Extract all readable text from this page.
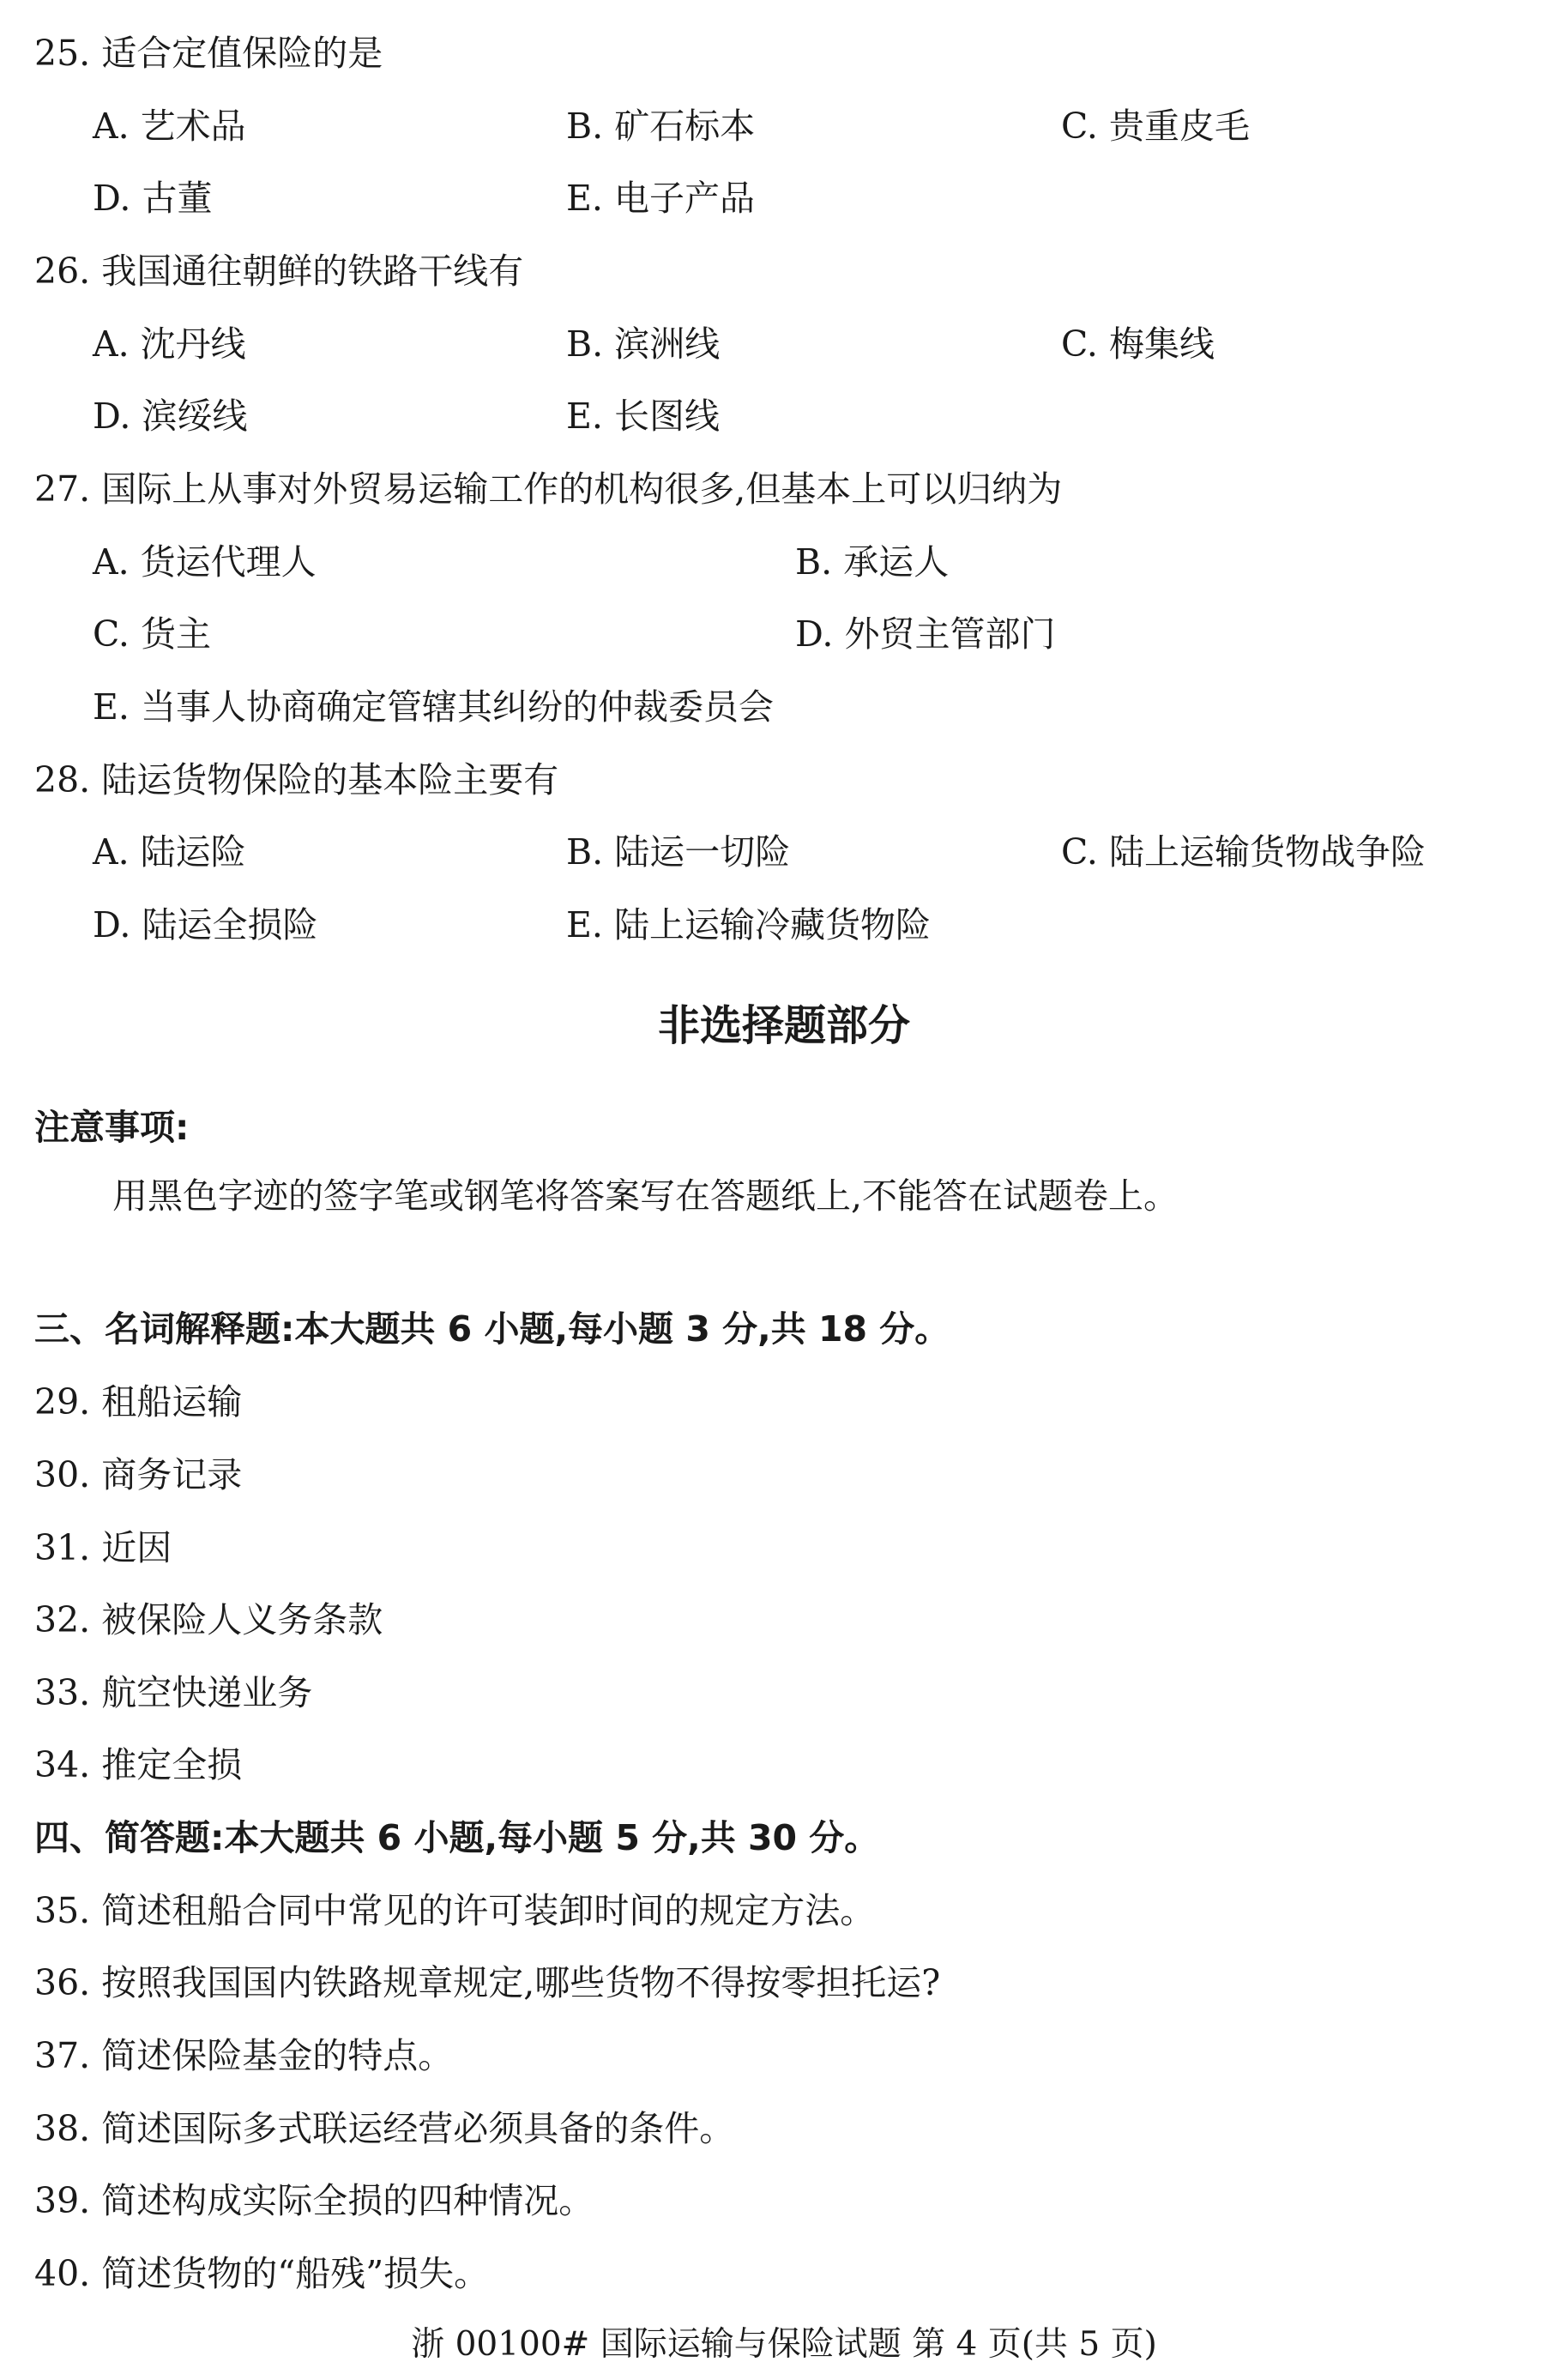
25. 适合定值保险的是
A. 艺术品	B. 矿石标本	C. 贵重皮毛
D. 古董	E. 电子产品
26. 我国通往朝鲜的铁路干线有
A. 沈丹线	B. 滨洲线	C. 梅集线
D. 滨绥线	E. 长图线
27. 国际上从事对外贸易运输工作的机构很多,但基本上可以归纳为
A. 货运代理人	B. 承运人
C. 货主	D. 外贸主管部门
E. 当事人协商确定管辖其纠纷的仲裁委员会
28. 陆运货物保险的基本险主要有
A. 陆运险	B. 陆运一切险	C. 陆上运输货物战争险
D. 陆运全损险	E. 陆上运输冷藏货物险
非选择题部分
注意事项:
用黑色字迹的签字笔或钢笔将答案写在答题纸上,不能答在试题卷上。
三、名词解释题:本大题共 6 小题,每小题 3 分,共 18 分。
29. 租船运输
30. 商务记录
31. 近因
32. 被保险人义务条款
33. 航空快递业务
34. 推定全损
四、简答题:本大题共 6 小题,每小题 5 分,共 30 分。
35. 简述租船合同中常见的许可装卸时间的规定方法。
36. 按照我国国内铁路规章规定,哪些货物不得按零担托运?
37. 简述保险基金的特点。
38. 简述国际多式联运经营必须具备的条件。
39. 简述构成实际全损的四种情况。
40. 简述货物的“船残”损失。
浙 00100# 国际运输与保险试题 第 4 页(共 5 页)
